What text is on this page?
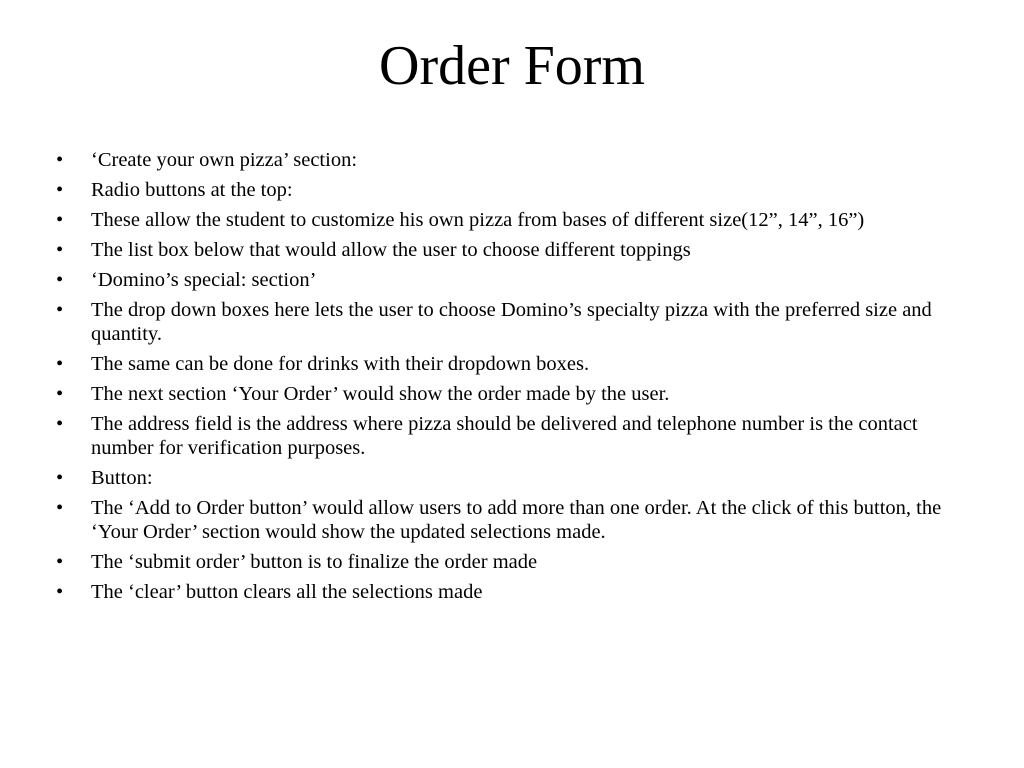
Order Form
•	‘Create your own pizza’ section:
•	Radio buttons at the top:
•	These allow the student to customize his own pizza from bases of different size(12”, 14”, 16”)
•	The list box below that would allow the user to choose different toppings
•	‘Domino’s special: section’
•	The drop down boxes here lets the user to choose Domino’s specialty pizza with the preferred size and quantity.
•	The same can be done for drinks with their dropdown boxes.
•	The next section ‘Your Order’ would show the order made by the user.
•	The address field is the address where pizza should be delivered and telephone number is the contact number for verification purposes.
•	Button:
•	The ‘Add to Order button’ would allow users to add more than one order. At the click of this button, the ‘Your Order’ section would show the updated selections made.
•	The ‘submit order’ button is to finalize the order made
•	The ‘clear’ button clears all the selections made
